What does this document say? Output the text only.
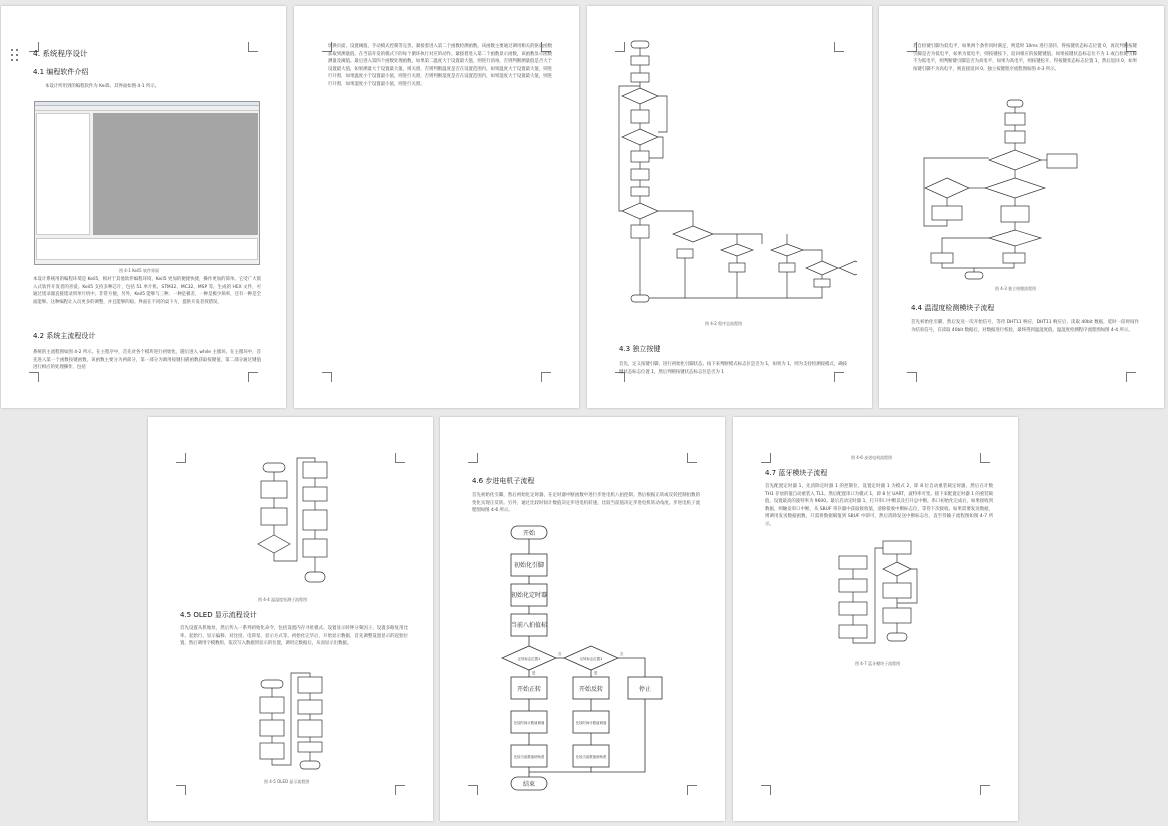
4. 系统程序设计
4.1 编程软件介绍
本设计所用到的编程软件为 Keil5，其界面如图 4-1 所示。
图 4-1 Keil5 软件界面
本设计系统用的编程环境是 Keil5，相对于其他软件编程环境，Keil5 更加的便捷快捷，操作更加的简单。它受广大嵌入式软件开发者的喜爱。Keil5 支持多种芯片，包括 51 单片机、STM32、MC32、MSP 等。生成的 HEX 文件，可通过烧录器直接烧录到单片机中。非常方便。另外，Keil5 能够与三种、一种是极差，一种是极少频率，还有一种是全面能够。这种编程让入员更多的调整，并且能够的稳。界面在不同的桌下方，提供开发者找错误。
4.2 系统主流程设计
系统的主流程图如图 4-2 所示。在主程序中，首先对各个模块进行初始化，随后进入 while 主循环。在主循环中，首先进入第一个函数按键函数，该函数主要分为两部分，第一部分为调用按键扫描函数获取按键值，第二部分通过键值进行相应的处理操作，包括
切换页面，设置阈值，手动模式控制等完善。紧接着进入第二个函数检测函数，该函数主要通过调用相关的驱动函数获取到测量值。在当前开发的模式下的每个循环执行对应的动作。紧接着进入第二个函数显示函数，该函数显示函数测量及阈值。最后进入第四个函数处理函数，如果第二温度大于设置最大值，则进行消毒，否则判断测量值是否大于设置最大值，如果测量大于设置最大值，则关窗，否则判断温度是否在设置范围内，如果温度大于设置最大值，则进行开窗，如果温度小于设置最小值，则进行关窗，否则判断湿度是否在设置范围内，如果湿度大于设置最大值，则进行开窗，如果湿度小于设置最小值，则进行关窗。
图 4-2 程序总流程图
4.3 独立按键
首先，定义按键引脚，进行初始化引脚状态。按下来判断模式标志位是否为 1，如果为 1，则为支持检测按模式，确按键状态标志位置 1，然后判断按键状态标志位是否为 1
若自检键引脚为低电平，如果两个条件同时满足，则延时 10ms 进行消抖，得按键状态标志位置 0，再次判断按键引脚是否为低电平，如果为低电平，则按键按下，返回相应的按键键值。如果按键状态标志位不为 1 或自检键引脚不为低电平，则判断键引脚是否为高电平，如果为高电平，则按键松开，得按键状态标志位置 1，然后返回 0，如果按键引脚不为高电平，则直接返回 0。独立按键程序流程图如图 4-3 所示。
图 4-3 独立按键流程图
4.4 温湿度检测模块子流程
首先初始化引脚，然后发送一次开始信号，等待 DHT11 响应，DHT11 响应后，读取 40bit 数据，延时一段时间作为结束信号，在读取 40bit 数据后，对数据进行校验，最终得到温湿度值。温湿度检测程序流程图如图 4-4 所示。
图 4-4 温湿度检测子流程图
4.5 OLED 显示流程设计
首先设置从机地址，然后传入一系列初始化命令，包括设置内存寻址模式、设置显示时钟分频因子、设置多路复用比率、起始行、显示偏移、对比度、电荷泵、显示方式等。初始化完毕后，开始显示数据，首先调整设置显示的起始位置，然后调用字模数组，依次写入数据到显示的位置，调用完数据后，从而显示出数据。
图 4-5 OLED 显示流程图
4.6 步进电机子流程
首先初始化引脚，然后初始化定时器，在定时器中断函数中进行步进电机八拍控制。然后根据正转或反转控制拍数的变化实现正反转。另外，通过比较时间计数值决定步进电机转速，比较当前值决定步进电机转动角度。步进电机子流程图如图 4-6 所示。
开始
初始化引脚
初始化定时器
当前八拍值标
正转标志位置1	反转标志位置1
开始正转	开始反转	停止
比较时间计数值调速	比较时间计数值调速
比较当前数值调角度	比较当前数值调角度
结束
是
否
是
否
图 4-6 步进电机流程图
4.7 蓝牙模块子流程
首先配置定时器 1，先清除定时器 1 的控制位，设置定时器 1 为模式 2，即 8 位自动重装载定时器，然后在计数 TH1 存放的值自动重装入 TL1。然后配置串口为模式 1，即 8 位 UART，波特率可变。接下来配置定时器 1 的重装载值，设置最高的波特率为 9600。最后启动定时器 1，打开串口中断以及打开总中断。串口初始化完成后，如果接收到数据，则触发串口中断，从 SBUF 寄存器中获取接收值，清除接收中断标志位，等待下次接收。如果需要发送数据，则调用发送数据函数，只需将数据赋值到 SBUF 中即可，然后清除发送中断标志位，直至待输子流程图如图 4-7 所示。
图 4-7 蓝牙模块子流程图
